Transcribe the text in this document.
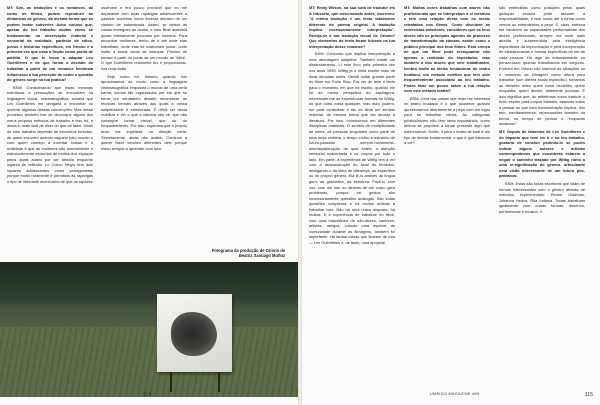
MT: Sim, as traduções e os romances, tal como os filmes, podem reproduzir as dinâmicas de gênero, da mesma forma que as podem tentar subverter. Acho curioso que, apesar do teu trabalho muitas vezes se fundamentar na observação material e sensorial da realidade, partindo de sítios, povos e histórias específicos, em Oriono é a primeira vez que usas a ficção como ponto de partida. O que te levou a adaptar Les Guérillères e de que forma a decisão de trabalhar a partir de um romance feminista influenciou a tua perceção de como a questão do gênero surge na tua prática?

BSM: Considerando que estas mesmas estruturas e pressuções se encontram na linguagem visual, cinematográfica, achava que Les Guérillères me obrigaria a encontrar ou quebrar algumas dessas convenções. Mas nesse processo também tive de decompor alguns dos meus próprios métodos de trabalho e isso foi, e ainda é, mais fácil de dizer do que de fazer. Muito do meu trabalho depende de encontros fortuitos, de quem encontro quando vagueio pelo mundo e com quem começo a inventar coisas e a realidade é que as mulheres são normalmente e estruturalmente excluídas de muitos dos espaços pelos quais acabo por ser atraída enquanto lugares de reflexão. Lo Cuevo Negro tem dois rapazes adolescentes como protagonistas porque muito raramente é permitido às raparigas o tipo de liberdade aventureira de que os rapazes

usufruem e era pouco provável que eu me deparasse com duas raparigas adolescentes a passear sozinhas numa floresta debaixo de um viaduto de autoestrada. Assim, se deixar as coisas entregues ao acaso, o meu filme acabaria quase inteiramente povoado por homens. Para encontrar mulheres, tenho de ir até onde elas trabalham, onde elas se costumam juntar, onde estão a tomar conta de crianças. Preciso de pensar a partir do ponto de um mundo de "elles". O que Guérillères realmente fez é proporcionar-nos uma visão.

Seja como for, mesmo quando nos aproximamos do modo como a linguagem cinematográfica enquadra o mundo de uma certa forma, somos tão organizados por ela que se torna um verdadeiro desafio reconhecer as técnicas formais através das quais a nossa subjetividade é estruturada. É difícil ser desta mobiliza e ver o que a câmara não vê, que não consegue tornar visível, que ou do enquadramento. Por isso, esperava que o próprio texto me impelisse na direção certa. Sinceramente, ainda não acabei. Continuo a querer fazer versões diferentes dele porque estou sempre a aprender com isso.

Fotograma da produção de Oriono de Beatriz Santiago Muñoz
114

MT: Emily Wilson, na sua nota de tradutor em A Odisseia, que mencionaste antes, escreveu: "A minha tradução é um texto totalmente diferente do poema original. A tradução implica necessariamente interpretação". Reveja-se à tua tradução visual de Oriono? Que elementos do texto foram fulcrais na tua interpretação desse romance?

BSM: Concordo que implica interpretação e uma abordagem subjetiva. Também existe um distanciamento. Li este livro pela primeira vez nos anos 1990. Wittig já o tinha escrito mais de duas décadas antes. Decidi voltar grande parte do filme em Porto Rico. Era ver de leve o texto para o momento em que foi escrito, quando ele foi da minha perspetiva do aqui/agora. Interessam-me as experiências formais de Wittig: do que outra coisa qualquer, mas ela's podem-me para considerar o ato do filme um sentido material, da mesma forma que ela aborda a literatura. Por isso, construímos em diferentes disciplinas materiais. O sentido de multiplicidade de seres, de pessoas singulares como parte de uma força coletiva, o tempo cíclico e estranho de futuro-passado sempre-novamente-ameriaçadora(ção de qual existe, a atenção sensorial exacerbada e os corpos por todo o lado. Em parte, a experiência de Wittig tem a ver com a desconstrução do sinal do feminino, desligando-o da ideia de diferença, do específico ou do próprio género. Ela lê-lo através da língua gem, da gramática, da estrutura. Fazê-lo com voz, com um tom ou através de um corpo gera problemas, porque há gestos são necessariamente questões análogas. São todas questões complexas e há muitos artistas a trabalhar isso. Não há uma única resposta, há muitas. E a experiência de trabalhar no filme, com uma miscelânea de não-atores, cantores, artistas, amigos, criando uma espécie de comunidade durante as filmagens, também foi importante. Há tantas coisas que ficaram de fora — Les Guérillères é, de facto, uma epopeia!

MT: Muitas vezes trabalhas com atores não profissionais que se interpretam a si mesmos e tem uma relação direta com os locais retratados nos filmes. Como discutem as entrevistas anteriores, consideres que os teus atores são os principais agentes do processo de transformação da câmara, assim como o público principal dos teus filmes. Esta crença de que um filme pode reenquadrar não apenas a realidade do espectador, mas também a dos atores que nele trabalharam, lembra muito as ideias fundadoras do teatro boaliano, um método estético que tem sido frequentemente associado ao teu trabalho. Podes falar um pouco sobre a tua relação com este método teatral?

BSM: Uma das coisas que mais me interessa no teatro boaliano é o que acontece quando apresentamos abertamente a peça com um lugar para se trabalhar ideias. As categorias público/atores não têm tanta importância, como ambos se propõem a tornar presente algo que está invisível. Então, ir para o teatro de boal é um tipo de dúvida fundamental: o que é que estamos a ver?

são entendidas como posições pelas quais qualquer pessoa pode assumir a responsabilidade, e isso muda até a forma como vemos ou entendemos a peça. E, claro, embora me fascinem as capacidades performativas dos atores profissionais, sempre me senti mais atraída e surpreendida pela inteligência espontânea da improvisação e pela incorporação de idiossincrasias e formas específicas de ser de cada pessoa. Há algo de entusiasmante no pensar-fazer quando trabalhamos em conjunto. Embora em Oriono não usemos as situações ou o momento da filmagem como altura para trabalhar num dilema social específico, tomámos as divisões entre quem toma decisões, quem enquadra, quem decide, altamente porosas. É isso significa que, ao refletirmos como traduzir o texto escrito para corpos falantes, estamos todos a pensar no que está transformação implica. Isto tem, inevitavelmente, repercussões também na forma, no tempo de pensar e "enquanto andamos".

MT: Depois de falarmos de Les Guérillères e do impacto que teve em ti e no teu trabalho, gostaria de concluir pedindo-te se podes indicar alguns autores e artistas contemporâneos que consideras estarem a seguir o caminho traçado por Wittig rumo a uma re-significação do gênero, articulando uma visão interessante de um futuro pós-patriarcal.

BSM: Estas são todas escritoras que lidam de formas interessantes com o gênero através de métodos experimentais: Renee Gladman, Johanna Hedva, Rita Indiana. Todas trabalham igualmente com outras formas: desenho, performance e música. //

UMBIGO MAGAZINE #80	115
